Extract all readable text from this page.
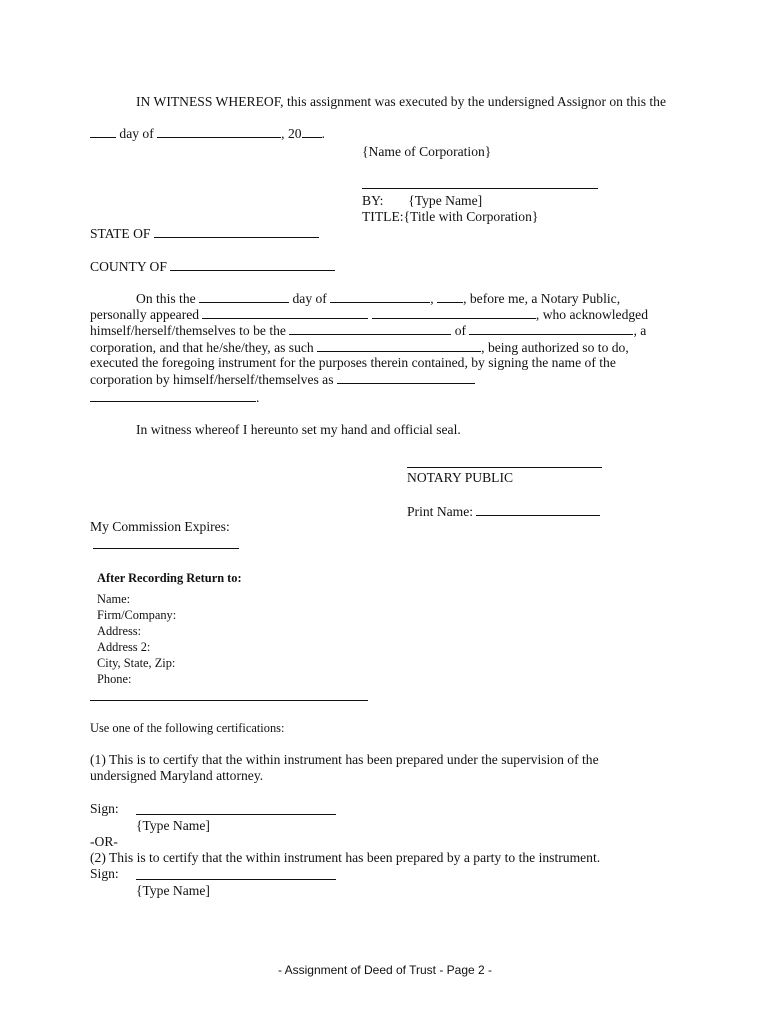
IN WITNESS WHEREOF, this assignment was executed by the undersigned Assignor on this the
day of	, 20 .
{Name of Corporation}
BY: {Type Name]
TITLE:{Title with Corporation}
STATE OF
COUNTY OF
On this the	day of	, , before me, a Notary Public,
personally appeared	, who acknowledged
himself/herself/themselves to be the	of	, a
corporation, and that he/she/they, as such	, being authorized so to do,
executed the foregoing instrument for the purposes therein contained, by signing the name of the
corporation by himself/herself/themselves as
.
In witness whereof I hereunto set my hand and official seal.
NOTARY PUBLIC
Print Name:
My Commission Expires:
After Recording Return to:
Name:
Firm/Company:
Address:
Address 2:
City, State, Zip:
Phone:
Use one of the following certifications:
(1) This is to certify that the within instrument has been prepared under the supervision of the
undersigned Maryland attorney.
Sign:
{Type Name]
-OR-
(2) This is to certify that the within instrument has been prepared by a party to the instrument.
Sign:
{Type Name]
- Assignment of Deed of Trust - Page 2 -
